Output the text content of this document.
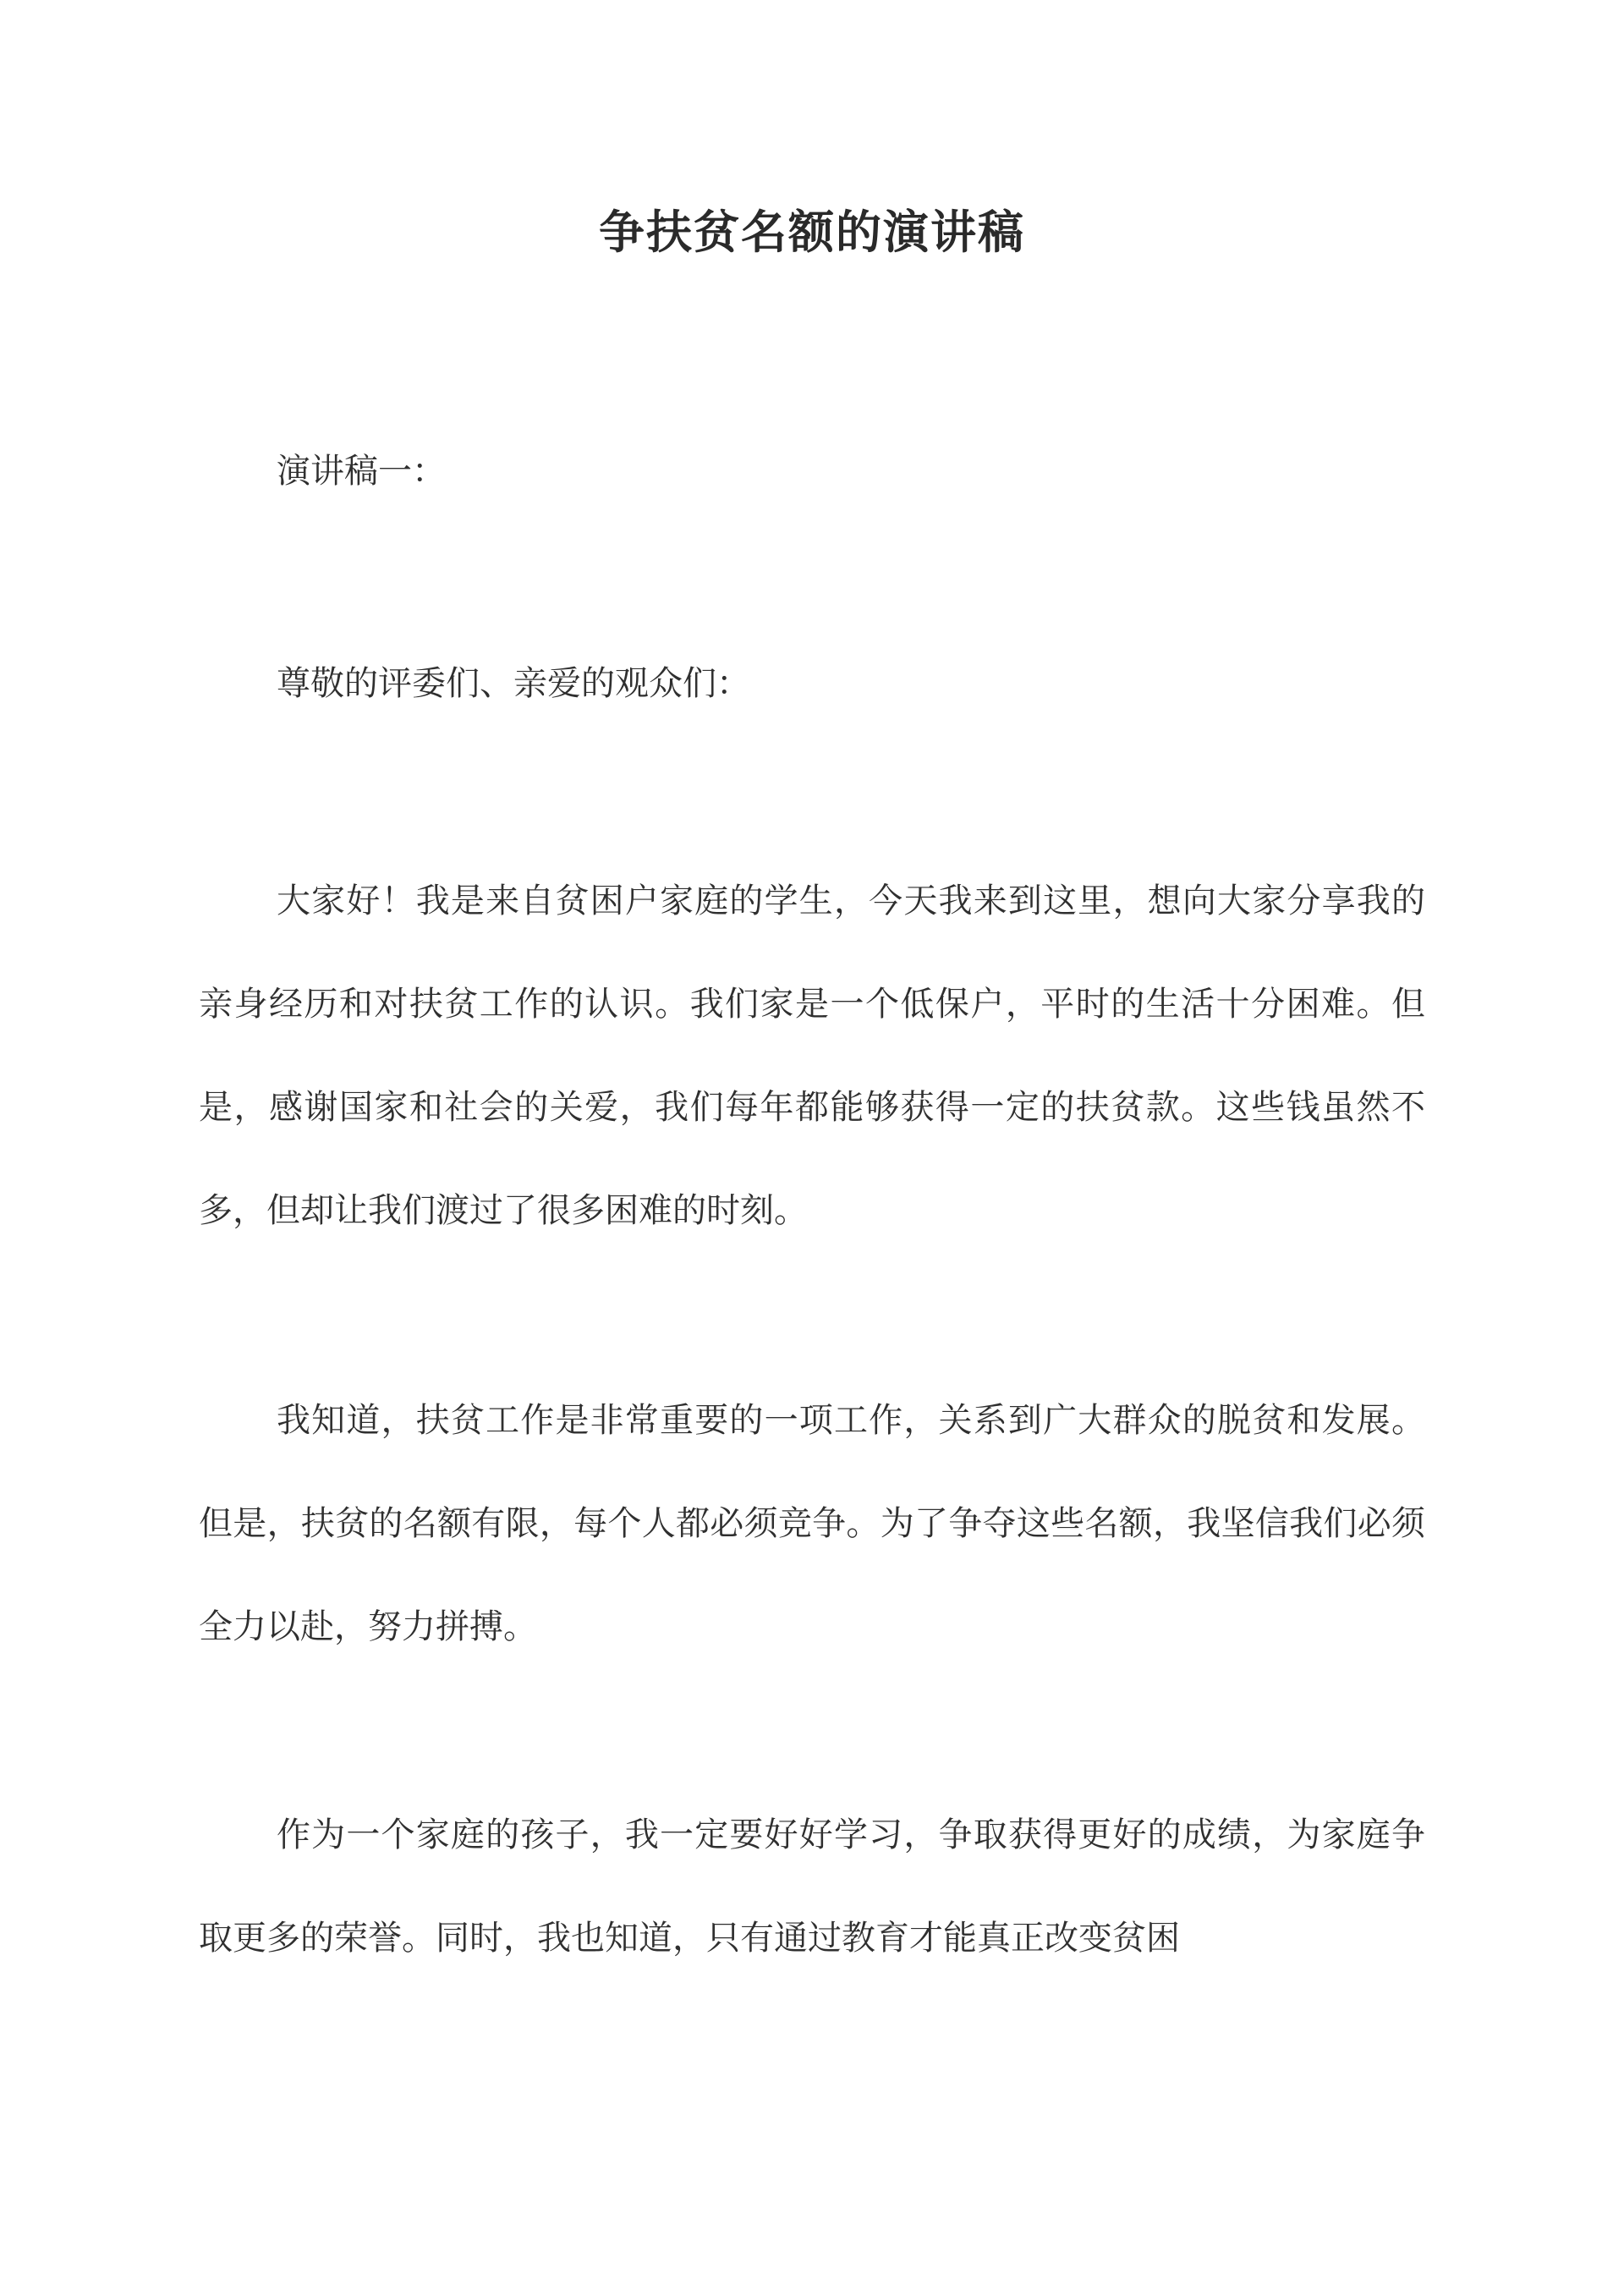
争扶贫名额的演讲稿

演讲稿一：

尊敬的评委们、亲爱的观众们：

大家好！我是来自贫困户家庭的学生，今天我来到这里，想向大家分享我的亲身经历和对扶贫工作的认识。我们家是一个低保户，平时的生活十分困难。但是，感谢国家和社会的关爱，我们每年都能够获得一定的扶贫款。这些钱虽然不多，但却让我们渡过了很多困难的时刻。

我知道，扶贫工作是非常重要的一项工作，关系到广大群众的脱贫和发展。但是，扶贫的名额有限，每个人都必须竞争。为了争夺这些名额，我坚信我们必须全力以赴，努力拼搏。

作为一个家庭的孩子，我一定要好好学习，争取获得更好的成绩，为家庭争取更多的荣誉。同时，我也知道，只有通过教育才能真正改变贫困
